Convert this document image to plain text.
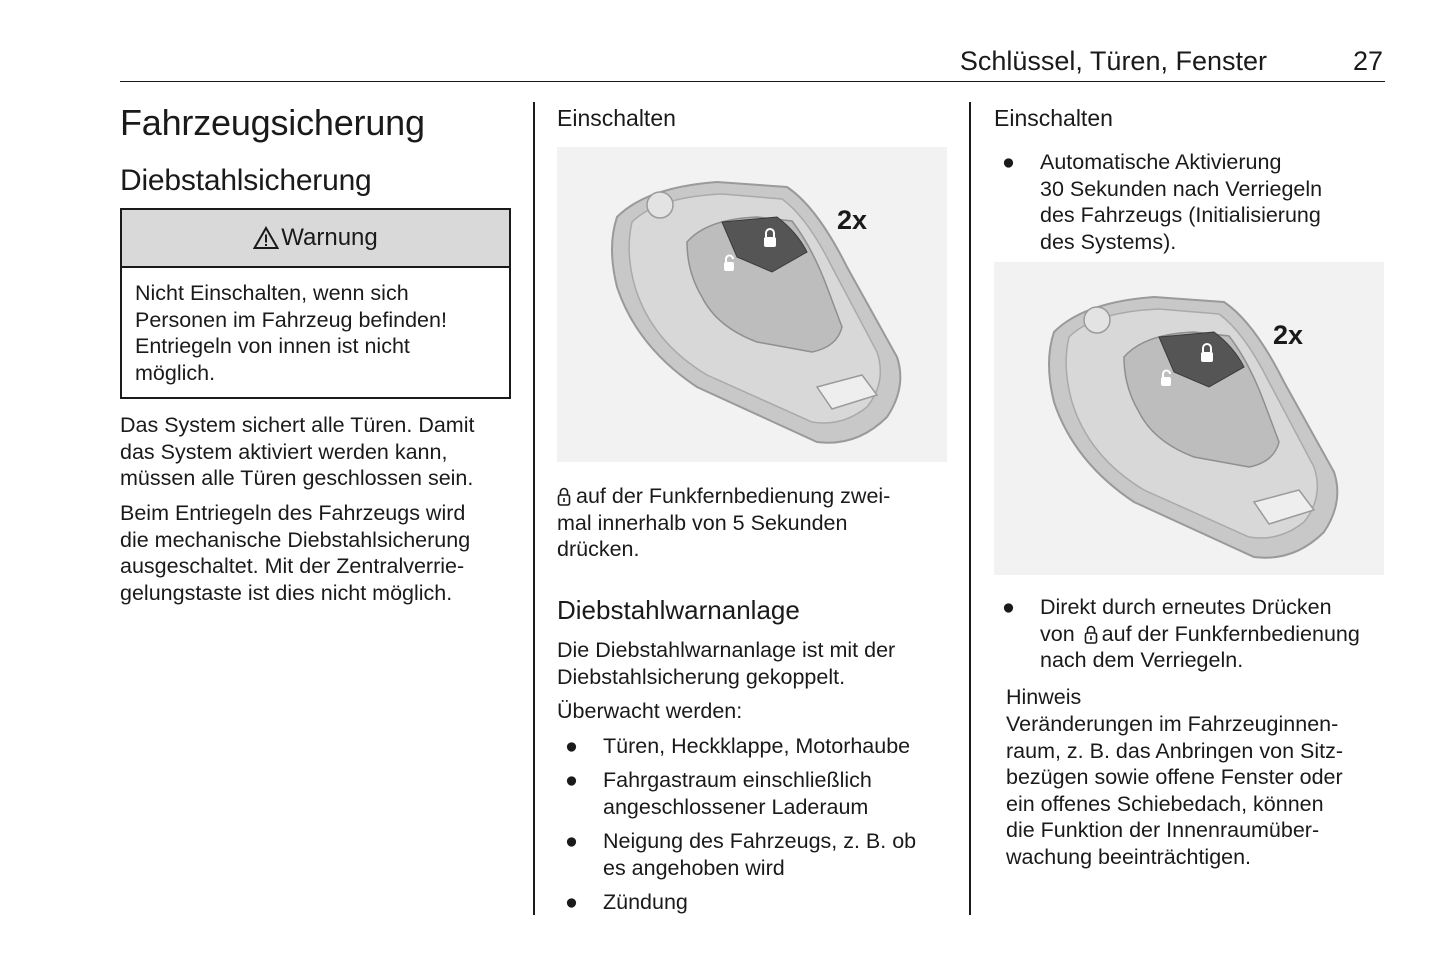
Schlüssel, Türen, Fenster	27
Fahrzeugsicherung
Diebstahlsicherung
Warnung
Nicht Einschalten, wenn sich
Personen im Fahrzeug befinden!
Entriegeln von innen ist nicht
möglich.
Das System sichert alle Türen. Damit
das System aktiviert werden kann,
müssen alle Türen geschlossen sein.
Beim Entriegeln des Fahrzeugs wird
die mechanische Diebstahlsicherung
ausgeschaltet. Mit der Zentralverrie-
gelungstaste ist dies nicht möglich.
Einschalten
2x
auf der Funkfernbedienung zwei-
mal innerhalb von 5 Sekunden
drücken.
Diebstahlwarnanlage
Die Diebstahlwarnanlage ist mit der
Diebstahlsicherung gekoppelt.
Überwacht werden:
● Türen, Heckklappe, Motorhaube
● Fahrgastraum einschließlich
angeschlossener Laderaum
● Neigung des Fahrzeugs, z. B. ob
es angehoben wird
● Zündung
Einschalten
● Automatische Aktivierung
30 Sekunden nach Verriegeln
des Fahrzeugs (Initialisierung
des Systems).
2x
● Direkt durch erneutes Drücken
von auf der Funkfernbedienung
nach dem Verriegeln.
Hinweis
Veränderungen im Fahrzeuginnen-
raum, z. B. das Anbringen von Sitz-
bezügen sowie offene Fenster oder
ein offenes Schiebedach, können
die Funktion der Innenraumüber-
wachung beeinträchtigen.
